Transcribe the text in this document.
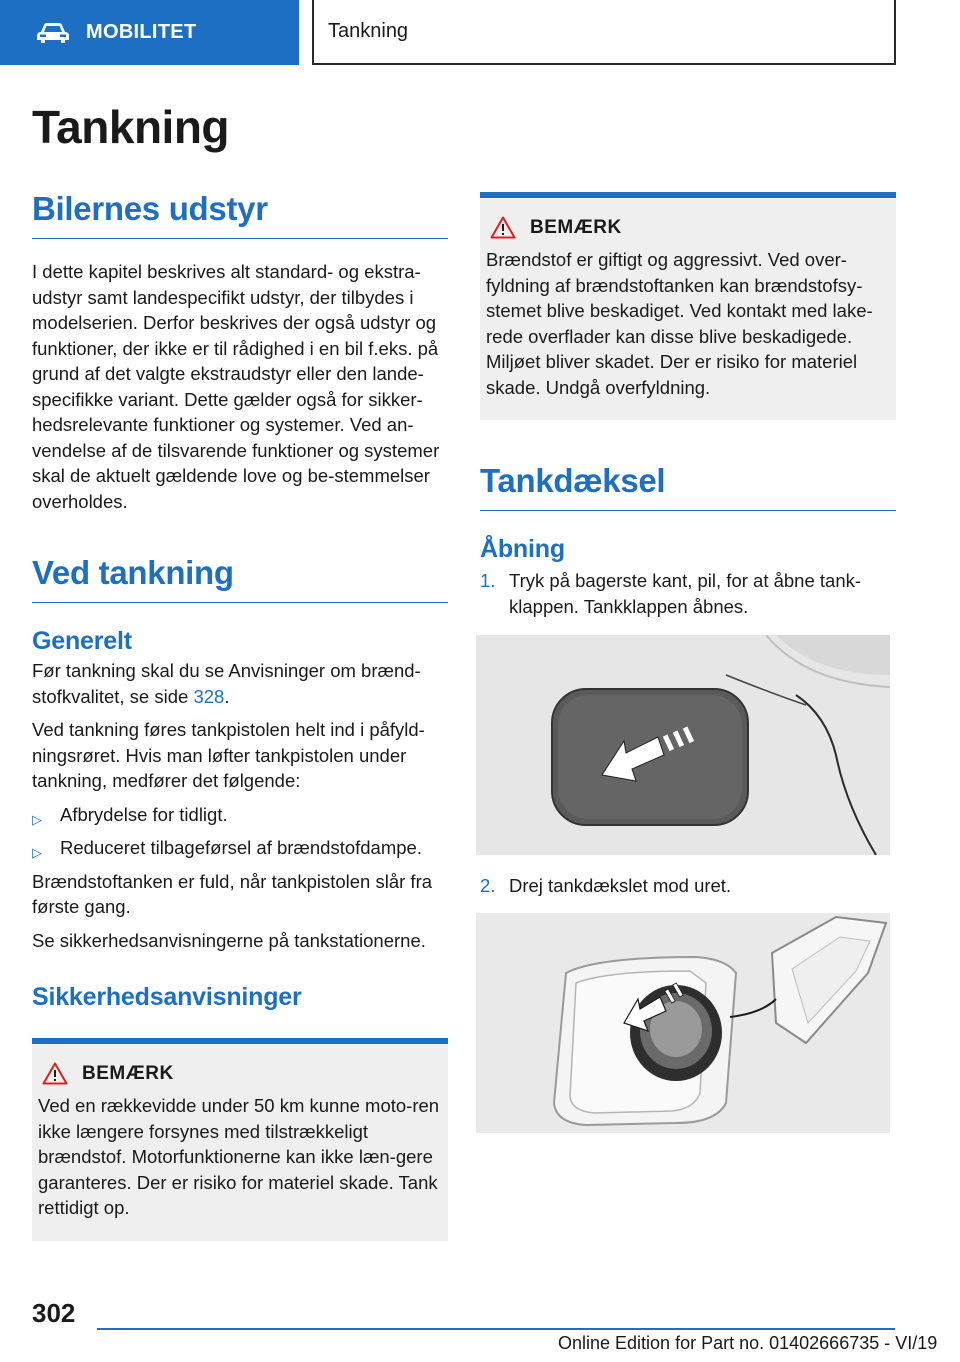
MOBILITET	Tankning
Tankning
Bilernes udstyr

I dette kapitel beskrives alt standard- og ekstra-udstyr samt landespecifikt udstyr, der tilbydes i modelserien. Derfor beskrives der også udstyr og funktioner, der ikke er til rådighed i en bil f.eks. på grund af det valgte ekstraudstyr eller den lande-specifikke variant. Dette gælder også for sikker-hedsrelevante funktioner og systemer. Ved an-vendelse af de tilsvarende funktioner og systemer skal de aktuelt gældende love og be-stemmelser overholdes.

Ved tankning
Generelt

Før tankning skal du se Anvisninger om brænd-stofkvalitet, se side 328.

Ved tankning føres tankpistolen helt ind i påfyld-ningsrøret. Hvis man løfter tankpistolen under tankning, medfører det følgende:

▷ Afbrydelse for tidligt.
▷ Reduceret tilbageførsel af brændstofdampe.

Brændstoftanken er fuld, når tankpistolen slår fra første gang.

Se sikkerhedsanvisningerne på tankstationerne.

Sikkerhedsanvisninger
BEMÆRK

Ved en rækkevidde under 50 km kunne moto-ren ikke længere forsynes med tilstrækkeligt brændstof. Motorfunktionerne kan ikke læn-gere garanteres. Der er risiko for materiel skade. Tank rettidigt op.

BEMÆRK

Brændstof er giftigt og aggressivt. Ved over-fyldning af brændstoftanken kan brændstofsy-stemet blive beskadiget. Ved kontakt med lake-rede overflader kan disse blive beskadigede. Miljøet bliver skadet. Der er risiko for materiel skade. Undgå overfyldning.

Tankdæksel
Åbning
1. Tryk på bagerste kant, pil, for at åbne tank-klappen. Tankklappen åbnes.
2. Drej tankdækslet mod uret.
302
Online Edition for Part no. 01402666735 - VI/19
